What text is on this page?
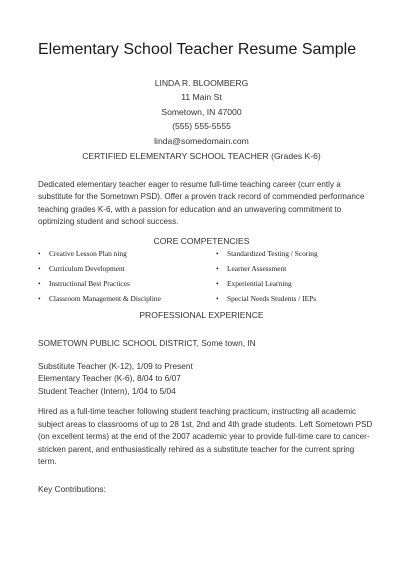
Elementary School Teacher Resume Sample
LINDA R. BLOOMBERG
11 Main St
Sometown, IN 47000
(555) 555-5555
linda@somedomain.com
CERTIFIED ELEMENTARY SCHOOL TEACHER (Grades K-6)
Dedicated elementary teacher eager to resume full-time teaching career (curr ently a substitute for the Sometown PSD). Offer a proven track record of commended performance teaching grades K-6, with a passion for education and an unwavering commitment to optimizing student and school success.
CORE COMPETENCIES
• Creative Lesson Plan ning
• Curriculum Development
• Instructional Best Practices
• Classroom Management & Discipline
• Standardized Testing / Scoring
• Learner Assessment
• Experiential Learning
• Special Needs Students / IEPs
PROFESSIONAL EXPERIENCE
SOMETOWN PUBLIC SCHOOL DISTRICT, Some town, IN
Substitute Teacher (K-12), 1/09 to Present
Elementary Teacher (K-6), 8/04 to 6/07
Student Teacher (Intern), 1/04 to 5/04
Hired as a full-time teacher following student teaching practicum, instructing all academic subject areas to classrooms of up to 28 1st, 2nd and 4th grade students. Left Sometown PSD (on excellent terms) at the end of the 2007 academic year to provide full-time care to cancer-stricken parent, and enthusiastically rehired as a substitute teacher for the current spring term.
Key Contributions:
